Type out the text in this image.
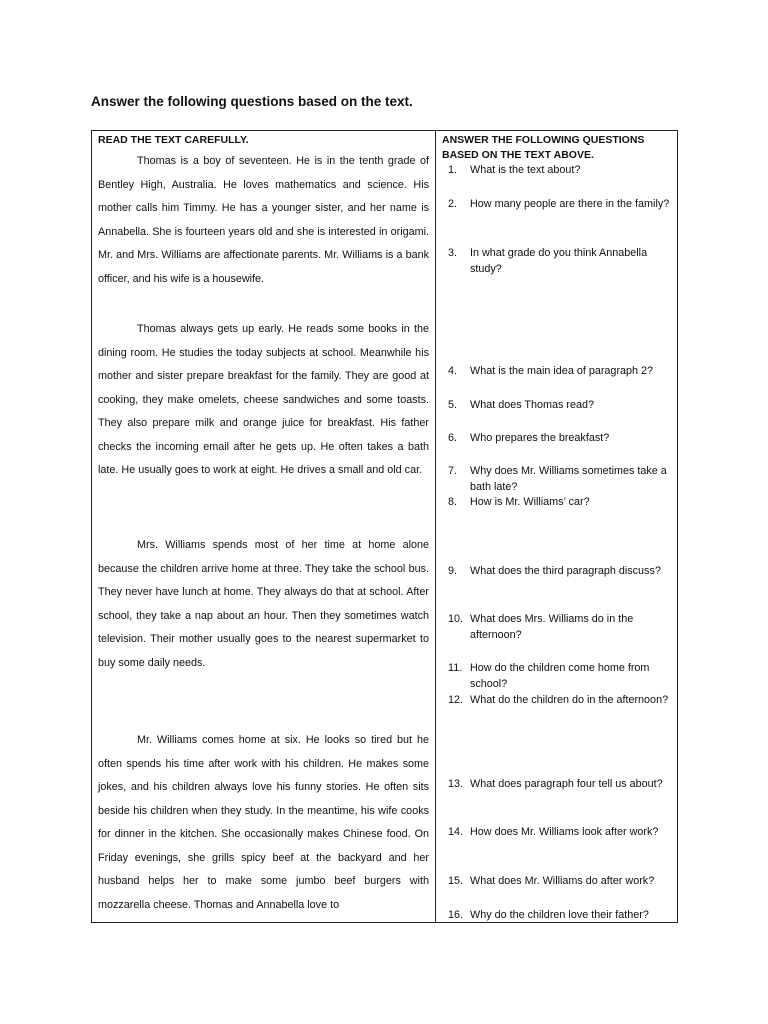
Answer the following questions based on the text.
READ THE TEXT CAREFULLY.	ANSWER THE FOLLOWING QUESTIONS BASED ON THE TEXT ABOVE.

Thomas is a boy of seventeen. He is in the tenth grade of Bentley High, Australia. He loves mathematics and science. His mother calls him Timmy. He has a younger sister, and her name is Annabella. She is fourteen years old and she is interested in origami. Mr. and Mrs. Williams are affectionate parents. Mr. Williams is a bank officer, and his wife is a housewife.

Thomas always gets up early. He reads some books in the dining room. He studies the today subjects at school. Meanwhile his mother and sister prepare breakfast for the family. They are good at cooking, they make omelets, cheese sandwiches and some toasts. They also prepare milk and orange juice for breakfast. His father checks the incoming email after he gets up. He often takes a bath late. He usually goes to work at eight. He drives a small and old car.

Mrs. Williams spends most of her time at home alone because the children arrive home at three. They take the school bus. They never have lunch at home. They always do that at school. After school, they take a nap about an hour. Then they sometimes watch television. Their mother usually goes to the nearest supermarket to buy some daily needs.

Mr. Williams comes home at six. He looks so tired but he often spends his time after work with his children. He makes some jokes, and his children always love his funny stories. He often sits beside his children when they study. In the meantime, his wife cooks for dinner in the kitchen. She occasionally makes Chinese food. On Friday evenings, she grills spicy beef at the backyard and her husband helps her to make some jumbo beef burgers with mozzarella cheese. Thomas and Annabella love to

1.	What is the text about?
2.	How many people are there in the family?
3.	In what grade do you think Annabella study?
4.	What is the main idea of paragraph 2?
5.	What does Thomas read?
6.	Who prepares the breakfast?
7.	Why does Mr. Williams sometimes take a bath late?
8.	How is Mr. Williams’ car?
9.	What does the third paragraph discuss?
10. What does Mrs. Williams do in the afternoon?
11. How do the children come home from school?
12. What do the children do in the afternoon?
13. What does paragraph four tell us about?
14. How does Mr. Williams look after work?
15. What does Mr. Williams do after work?
16. Why do the children love their father?
